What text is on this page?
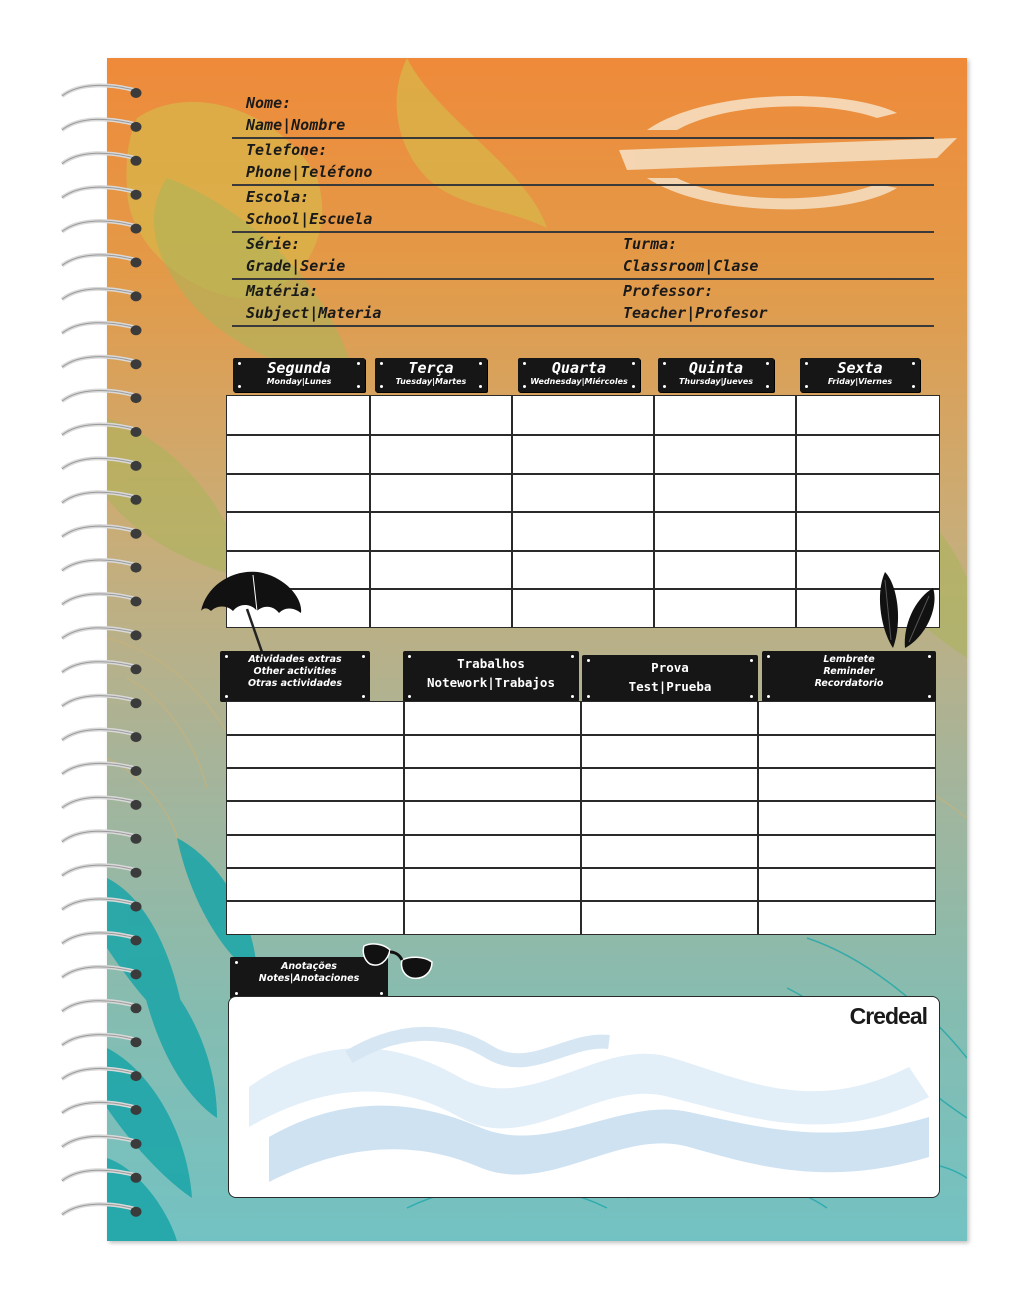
Nome:
Name|Nombre
Telefone:
Phone|Teléfono
Escola:
School|Escuela
Série:
Grade|Serie
Turma:
Classroom|Clase
Matéria:
Subject|Materia
Professor:
Teacher|Profesor
Segunda
Monday|Lunes
Terça
Tuesday|Martes
Quarta
Wednesday|Miércoles
Quinta
Thursday|Jueves
Sexta
Friday|Viernes
Atividades extras
Other activities
Otras actividades
Trabalhos
Notework|Trabajos
Prova
Test|Prueba
Lembrete
Reminder
Recordatorio
Anotações
Notes|Anotaciones
Credeal
